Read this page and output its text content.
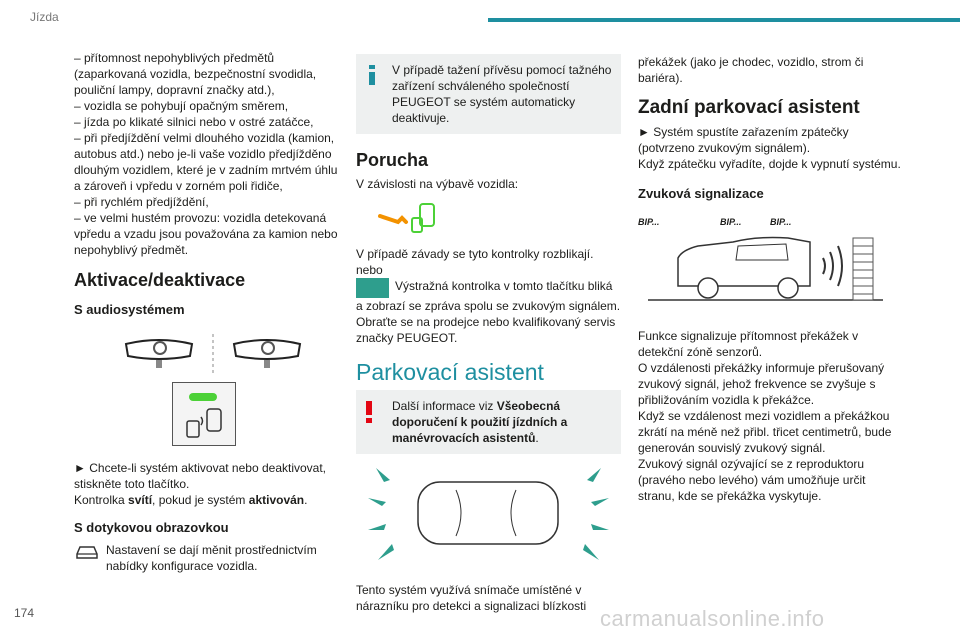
Jízda

– přítomnost nepohyblivých předmětů (zaparkovaná vozidla, bezpečnostní svodidla, pouliční lampy, dopravní značky atd.),
– vozidla se pohybují opačným směrem,
– jízda po klikaté silnici nebo v ostré zatáčce,
– při předjíždění velmi dlouhého vozidla (kamion, autobus atd.) nebo je-li vaše vozidlo předjížděno dlouhým vozidlem, které je v zadním mrtvém úhlu a zároveň i vpředu v zorném poli řidiče,
– při rychlém předjíždění,
– ve velmi hustém provozu: vozidla detekovaná vpředu a vzadu jsou považována za kamion nebo nepohyblivý předmět.

Aktivace/deaktivace
S audiosystémem

► Chcete-li systém aktivovat nebo deaktivovat, stiskněte toto tlačítko.

Kontrolka svítí, pokud je systém aktivován.

S dotykovou obrazovkou
Nastavení se dají měnit prostřednictvím nabídky konfigurace vozidla.

V případě tažení přívěsu pomocí tažného zařízení schváleného společností PEUGEOT se systém automaticky deaktivuje.

Porucha

V závislosti na výbavě vozidla:

V případě závady se tyto kontrolky rozblikají.

nebo

Výstražná kontrolka v tomto tlačítku bliká a zobrazí se zpráva spolu se zvukovým signálem.

Obraťte se na prodejce nebo kvalifikovaný servis značky PEUGEOT.

Parkovací asistent

Další informace viz Všeobecná doporučení k použití jízdních a manévrovacích asistentů.

Tento systém využívá snímače umístěné v nárazníku pro detekci a signalizaci blízkosti

překážek (jako je chodec, vozidlo, strom či bariéra).

Zadní parkovací asistent

► Systém spustíte zařazením zpátečky (potvrzeno zvukovým signálem).

Když zpátečku vyřadíte, dojde k vypnutí systému.

Zvuková signalizace
BIP...	BIP...	BIP...

Funkce signalizuje přítomnost překážek v detekční zóně senzorů.
O vzdálenosti překážky informuje přerušovaný zvukový signál, jehož frekvence se zvyšuje s přibližováním vozidla k překážce.
Když se vzdálenost mezi vozidlem a překážkou zkrátí na méně než přibl. třicet centimetrů, bude generován souvislý zvukový signál.
Zvukový signál ozývající se z reproduktoru (pravého nebo levého) vám umožňuje určit stranu, kde se překážka vyskytuje.

174	carmanualsonline.info
